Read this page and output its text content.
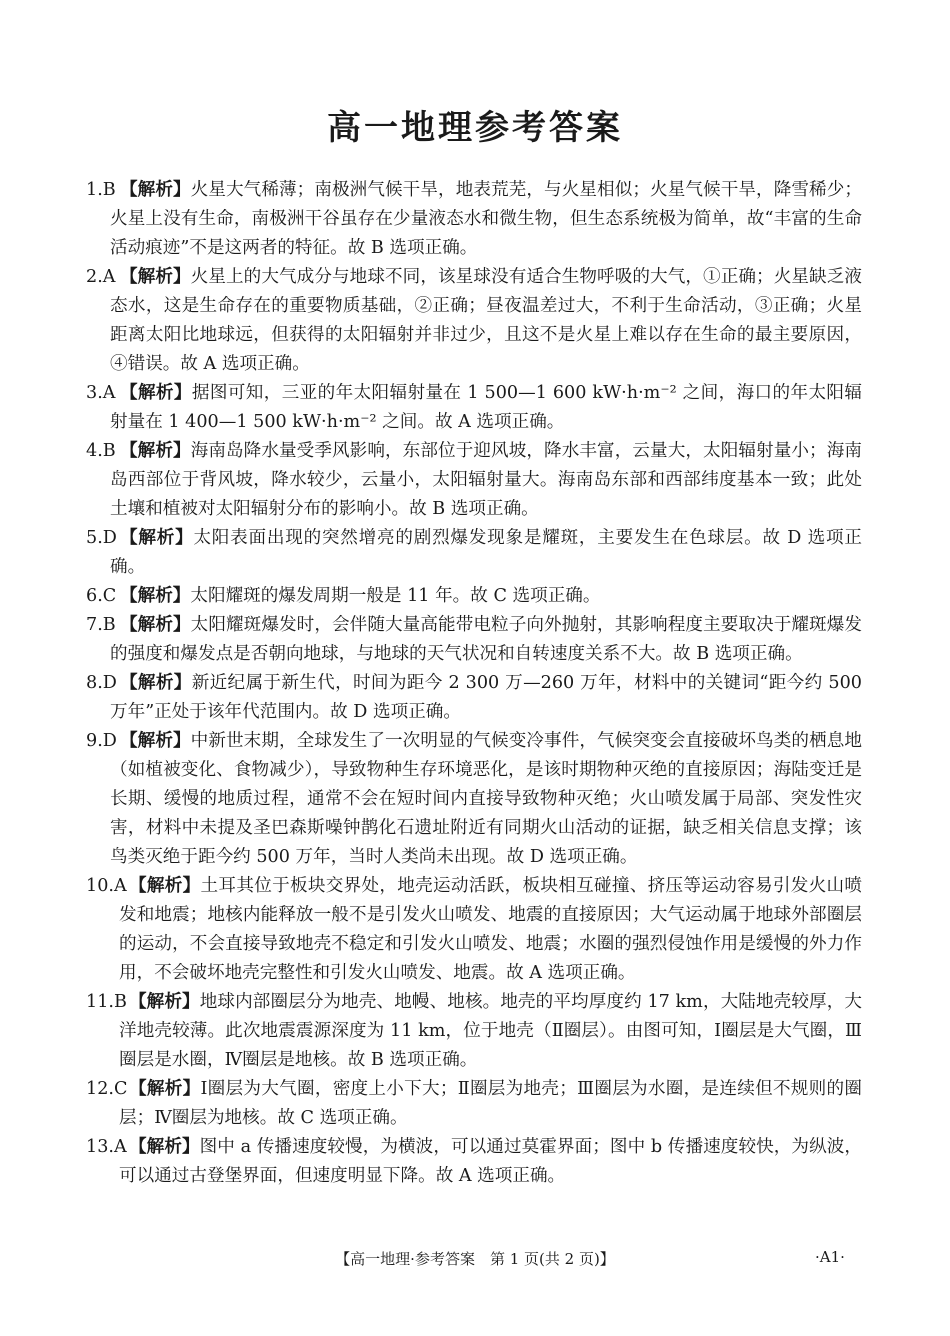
高一地理参考答案
1.B 【解析】火星大气稀薄；南极洲气候干旱，地表荒芜，与火星相似；火星气候干旱，降雪稀少；火星上没有生命，南极洲干谷虽存在少量液态水和微生物，但生态系统极为简单，故“丰富的生命活动痕迹”不是这两者的特征。故 B 选项正确。
2.A 【解析】火星上的大气成分与地球不同，该星球没有适合生物呼吸的大气，①正确；火星缺乏液态水，这是生命存在的重要物质基础，②正确；昼夜温差过大，不利于生命活动，③正确；火星距离太阳比地球远，但获得的太阳辐射并非过少，且这不是火星上难以存在生命的最主要原因，④错误。故 A 选项正确。
3.A 【解析】据图可知，三亚的年太阳辐射量在 1 500—1 600 kW·h·m⁻² 之间，海口的年太阳辐射量在 1 400—1 500 kW·h·m⁻² 之间。故 A 选项正确。
4.B 【解析】海南岛降水量受季风影响，东部位于迎风坡，降水丰富，云量大，太阳辐射量小；海南岛西部位于背风坡，降水较少，云量小，太阳辐射量大。海南岛东部和西部纬度基本一致；此处土壤和植被对太阳辐射分布的影响小。故 B 选项正确。
5.D 【解析】太阳表面出现的突然增亮的剧烈爆发现象是耀斑，主要发生在色球层。故 D 选项正确。
6.C 【解析】太阳耀斑的爆发周期一般是 11 年。故 C 选项正确。
7.B 【解析】太阳耀斑爆发时，会伴随大量高能带电粒子向外抛射，其影响程度主要取决于耀斑爆发的强度和爆发点是否朝向地球，与地球的天气状况和自转速度关系不大。故 B 选项正确。
8.D 【解析】新近纪属于新生代，时间为距今 2 300 万—260 万年，材料中的关键词“距今约 500 万年”正处于该年代范围内。故 D 选项正确。
9.D 【解析】中新世末期，全球发生了一次明显的气候变冷事件，气候突变会直接破坏鸟类的栖息地（如植被变化、食物减少），导致物种生存环境恶化，是该时期物种灭绝的直接原因；海陆变迁是长期、缓慢的地质过程，通常不会在短时间内直接导致物种灭绝；火山喷发属于局部、突发性灾害，材料中未提及圣巴森斯噪钟鹊化石遗址附近有同期火山活动的证据，缺乏相关信息支撑；该鸟类灭绝于距今约 500 万年，当时人类尚未出现。故 D 选项正确。
10.A 【解析】土耳其位于板块交界处，地壳运动活跃，板块相互碰撞、挤压等运动容易引发火山喷发和地震；地核内能释放一般不是引发火山喷发、地震的直接原因；大气运动属于地球外部圈层的运动，不会直接导致地壳不稳定和引发火山喷发、地震；水圈的强烈侵蚀作用是缓慢的外力作用，不会破坏地壳完整性和引发火山喷发、地震。故 A 选项正确。
11.B 【解析】地球内部圈层分为地壳、地幔、地核。地壳的平均厚度约 17 km，大陆地壳较厚，大洋地壳较薄。此次地震震源深度为 11 km，位于地壳（Ⅱ圈层）。由图可知，Ⅰ圈层是大气圈，Ⅲ圈层是水圈，Ⅳ圈层是地核。故 B 选项正确。
12.C 【解析】Ⅰ圈层为大气圈，密度上小下大；Ⅱ圈层为地壳；Ⅲ圈层为水圈，是连续但不规则的圈层；Ⅳ圈层为地核。故 C 选项正确。
13.A 【解析】图中 a 传播速度较慢，为横波，可以通过莫霍界面；图中 b 传播速度较快，为纵波，可以通过古登堡界面，但速度明显下降。故 A 选项正确。
【高一地理·参考答案　第 1 页(共 2 页)】	·A1·
